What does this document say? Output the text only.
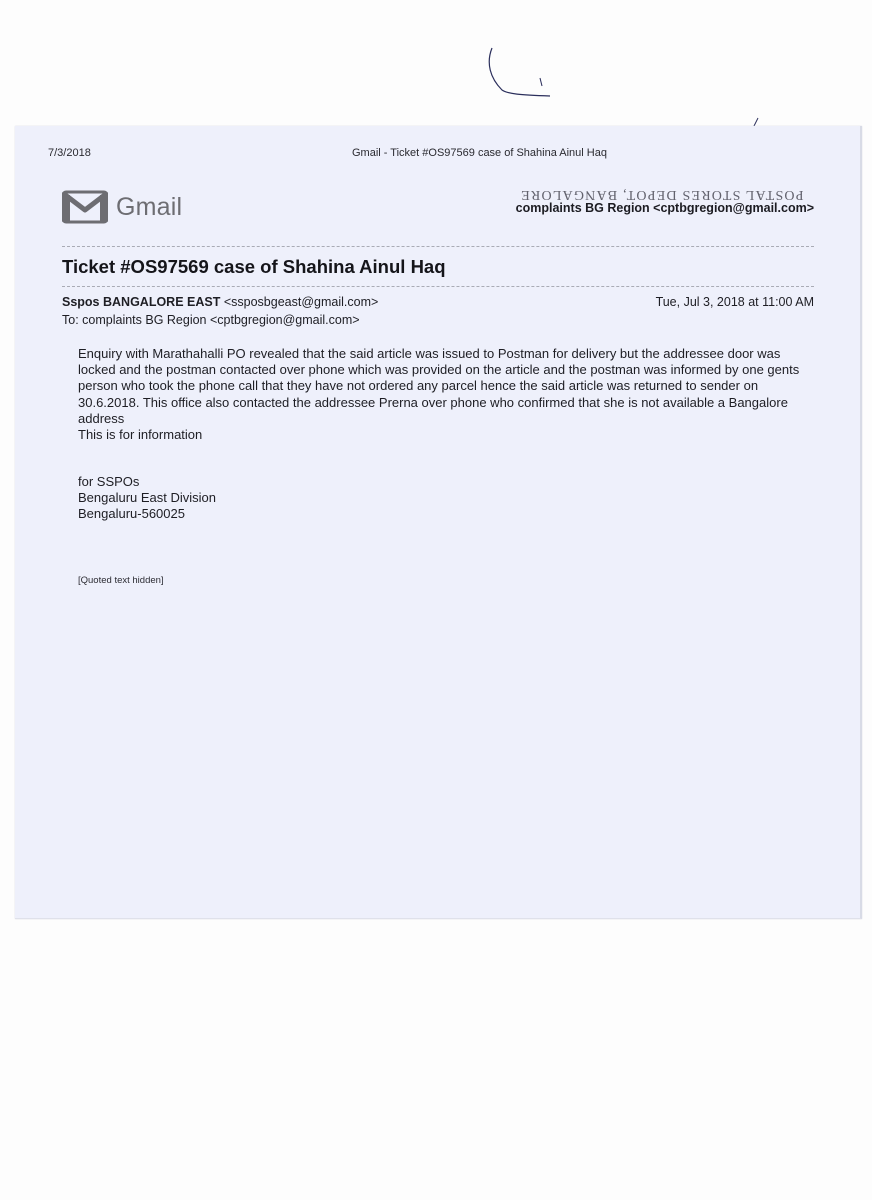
7/3/2018	Gmail - Ticket #OS97569 case of Shahina Ainul Haq
Gmail	POSTAL STORES DEPOT, BANGALORE
complaints BG Region <cptbgregion@gmail.com>
Ticket #OS97569 case of Shahina Ainul Haq
Sspos BANGALORE EAST <ssposbgeast@gmail.com>	Tue, Jul 3, 2018 at 11:00 AM
To: complaints BG Region <cptbgregion@gmail.com>

Enquiry with Marathahalli PO revealed that the said article was issued to Postman for delivery but the addressee door was locked and the postman contacted over phone which was provided on the article and the postman was informed by one gents person who took the phone call that they have not ordered any parcel hence the said article was returned to sender on 30.6.2018. This office also contacted the addressee Prerna over phone who confirmed that she is not available a Bangalore address

This is for information

for SSPOs
Bengaluru East Division
Bengaluru-560025
[Quoted text hidden]
